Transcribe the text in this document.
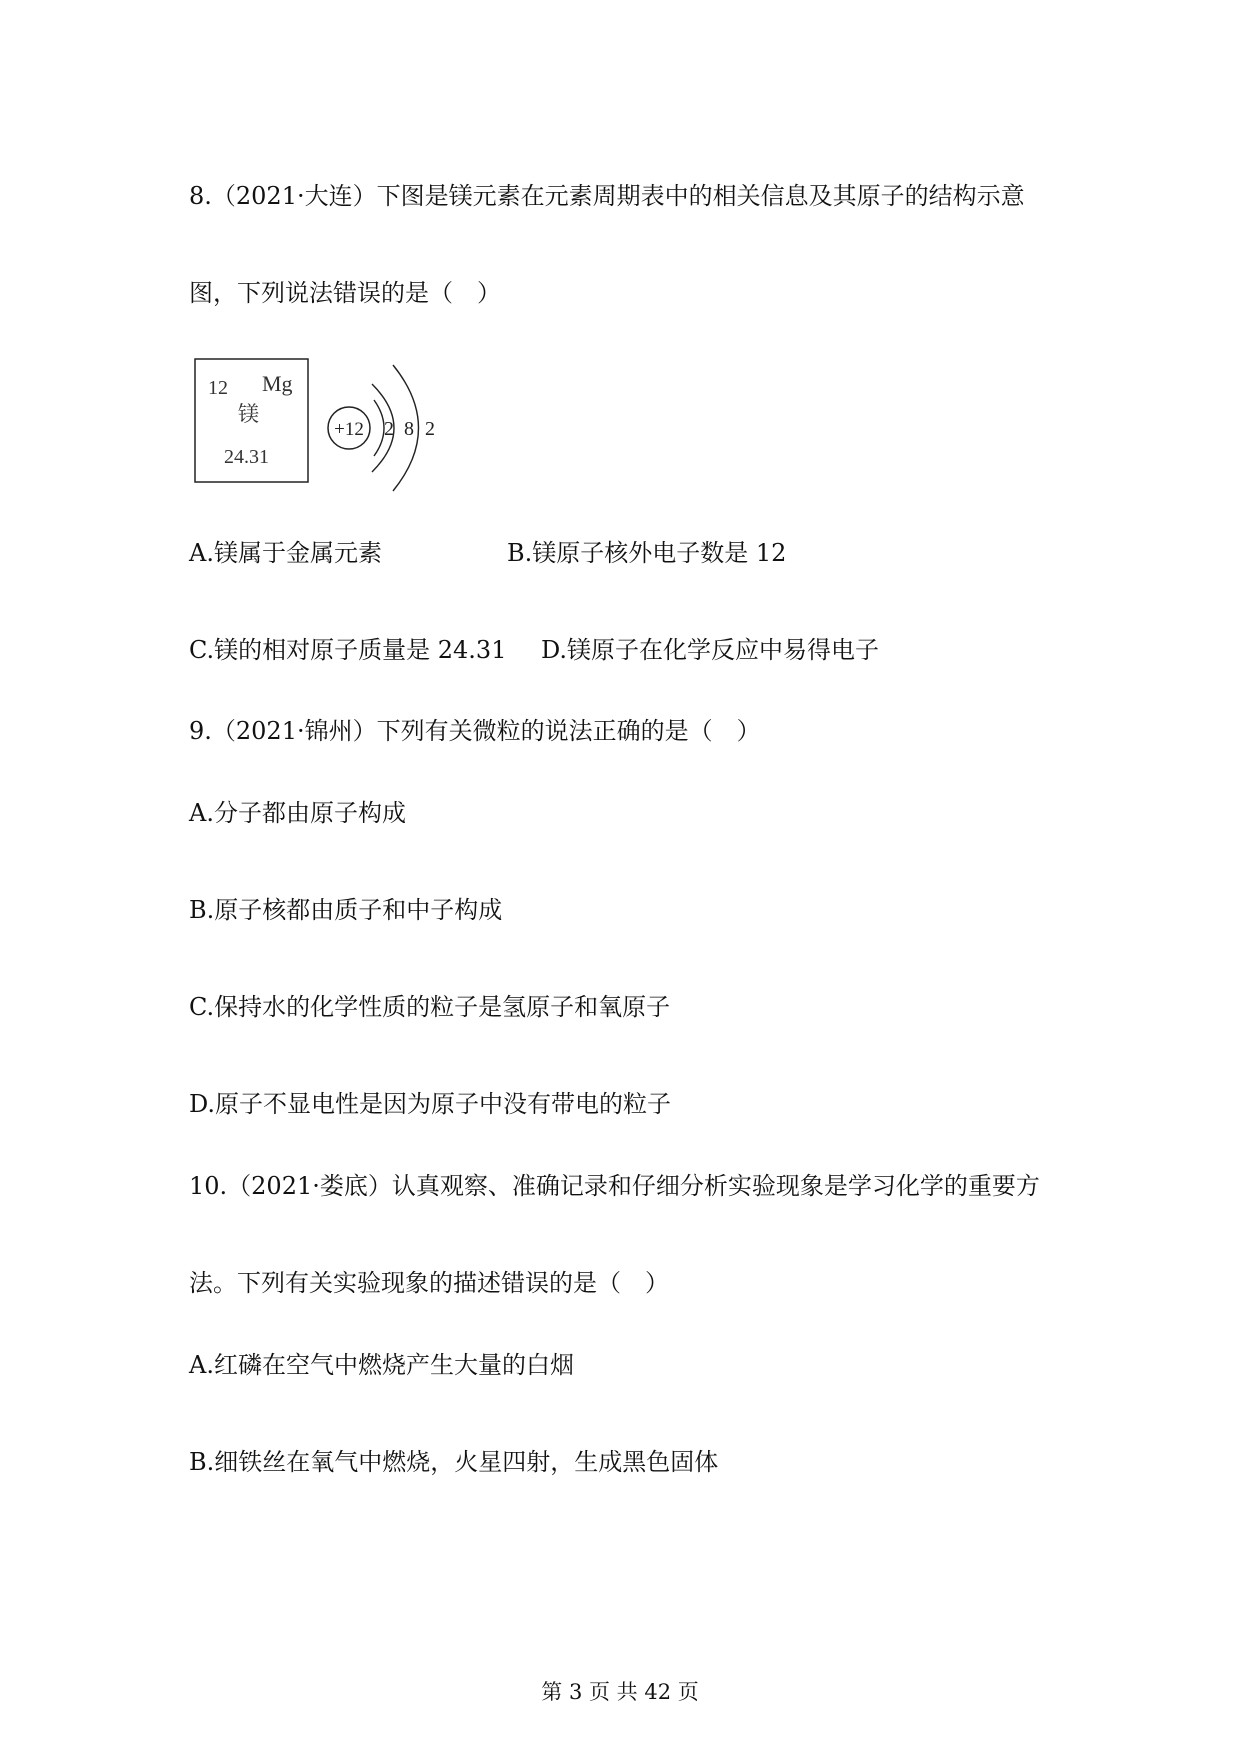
8.（2021·大连）下图是镁元素在元素周期表中的相关信息及其原子的结构示意

图，下列说法错误的是（　）

12 Mg
镁
24.31
+12 2 8 2

A.镁属于金属元素	B.镁原子核外电子数是 12

C.镁的相对原子质量是 24.31 D.镁原子在化学反应中易得电子

9.（2021·锦州）下列有关微粒的说法正确的是（　）

A.分子都由原子构成

B.原子核都由质子和中子构成

C.保持水的化学性质的粒子是氢原子和氧原子

D.原子不显电性是因为原子中没有带电的粒子

10.（2021·娄底）认真观察、准确记录和仔细分析实验现象是学习化学的重要方

法。下列有关实验现象的描述错误的是（　）

A.红磷在空气中燃烧产生大量的白烟

B.细铁丝在氧气中燃烧，火星四射，生成黑色固体

第 3 页 共 42 页
